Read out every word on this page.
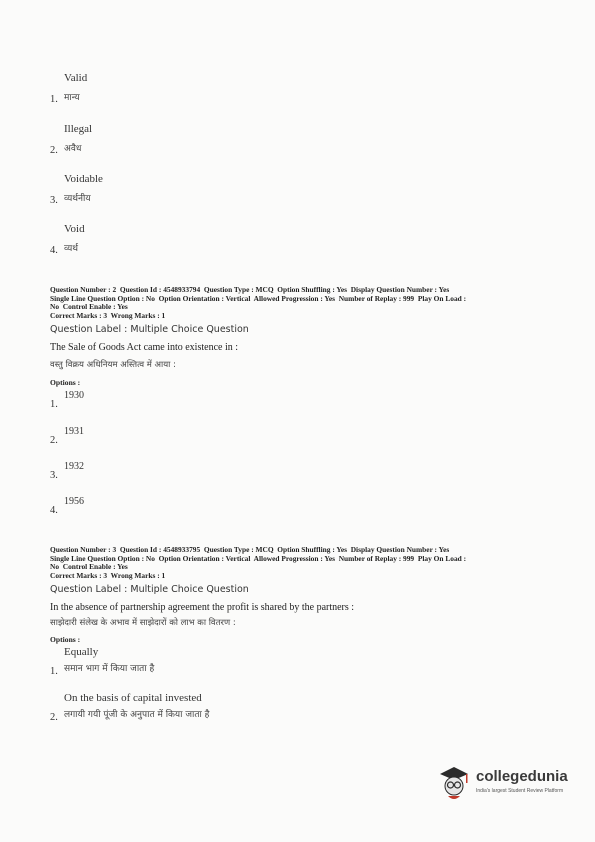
Valid
1. मान्य
Illegal
2. अवैध
Voidable
3. व्यर्थनीय
Void
4. व्यर्थ
Question Number : 2  Question Id : 4548933794  Question Type : MCQ  Option Shuffling : Yes  Display Question Number : Yes
Single Line Question Option : No  Option Orientation : Vertical  Allowed Progression : Yes  Number of Replay : 999  Play On Load :
No  Control Enable : Yes
Correct Marks : 3  Wrong Marks : 1
Question Label : Multiple Choice Question
The Sale of Goods Act came into existence in :
वस्तु विक्रय अधिनियम अस्तित्व में आया :
Options :
1930
1.
1931
2.
1932
3.
1956
4.
Question Number : 3  Question Id : 4548933795  Question Type : MCQ  Option Shuffling : Yes  Display Question Number : Yes
Single Line Question Option : No  Option Orientation : Vertical  Allowed Progression : Yes  Number of Replay : 999  Play On Load :
No  Control Enable : Yes
Correct Marks : 3  Wrong Marks : 1
Question Label : Multiple Choice Question
In the absence of partnership agreement the profit is shared by the partners :
साझेदारी संलेख के अभाव में साझेदारों को लाभ का वितरण :
Options :
Equally
1. समान भाग में किया जाता है
On the basis of capital invested
2. लगायी गयी पूंजी के अनुपात में किया जाता है
collegedunia
India's largest Student Review Platform
